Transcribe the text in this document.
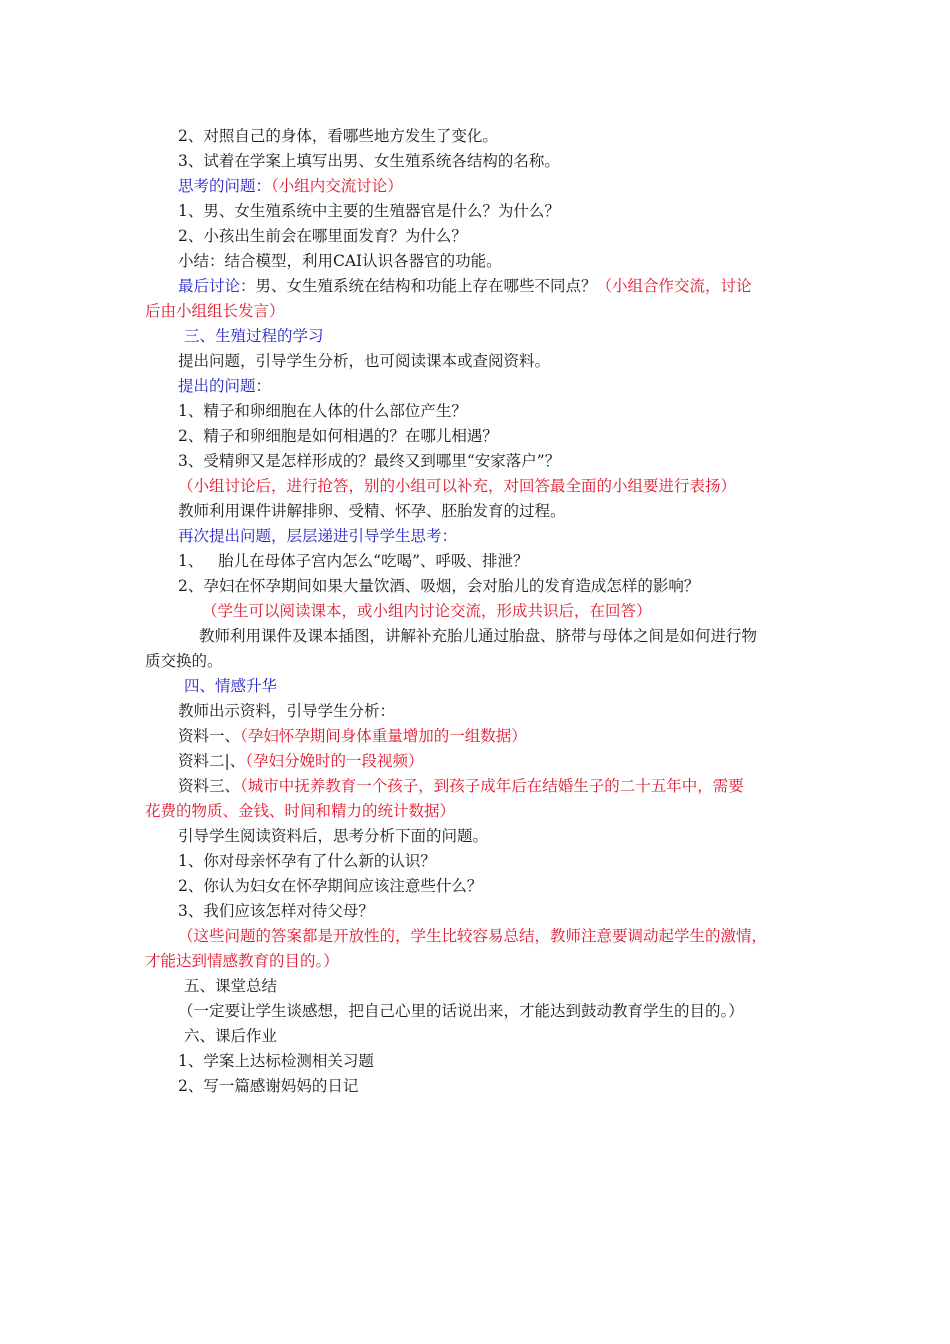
2、对照自己的身体，看哪些地方发生了变化。
3、试着在学案上填写出男、女生殖系统各结构的名称。
思考的问题：（小组内交流讨论）
1、男、女生殖系统中主要的生殖器官是什么？为什么？
2、小孩出生前会在哪里面发育？为什么？
小结：结合模型，利用CAI认识各器官的功能。
最后讨论：男、女生殖系统在结构和功能上存在哪些不同点？（小组合作交流，讨论
后由小组组长发言）
三、生殖过程的学习
提出问题，引导学生分析，也可阅读课本或查阅资料。
提出的问题：
1、精子和卵细胞在人体的什么部位产生？
2、精子和卵细胞是如何相遇的？在哪儿相遇？
3、受精卵又是怎样形成的？最终又到哪里“安家落户”？
（小组讨论后，进行抢答，别的小组可以补充，对回答最全面的小组要进行表扬）
教师利用课件讲解排卵、受精、怀孕、胚胎发育的过程。
再次提出问题，层层递进引导学生思考：
1、   胎儿在母体子宫内怎么“吃喝”、呼吸、排泄？
2、孕妇在怀孕期间如果大量饮酒、吸烟，会对胎儿的发育造成怎样的影响？
（学生可以阅读课本，或小组内讨论交流，形成共识后，在回答）
教师利用课件及课本插图，讲解补充胎儿通过胎盘、脐带与母体之间是如何进行物
质交换的。
四、情感升华
教师出示资料，引导学生分析：
资料一、（孕妇怀孕期间身体重量增加的一组数据）
资料二|、（孕妇分娩时的一段视频）
资料三、（城市中抚养教育一个孩子，到孩子成年后在结婚生子的二十五年中，需要
花费的物质、金钱、时间和精力的统计数据）
引导学生阅读资料后，思考分析下面的问题。
1、你对母亲怀孕有了什么新的认识？
2、你认为妇女在怀孕期间应该注意些什么？
3、我们应该怎样对待父母？
（这些问题的答案都是开放性的，学生比较容易总结，教师注意要调动起学生的激情，
才能达到情感教育的目的。）
五、课堂总结
（一定要让学生谈感想，把自己心里的话说出来，才能达到鼓动教育学生的目的。）
六、课后作业
1、学案上达标检测相关习题
2、写一篇感谢妈妈的日记
